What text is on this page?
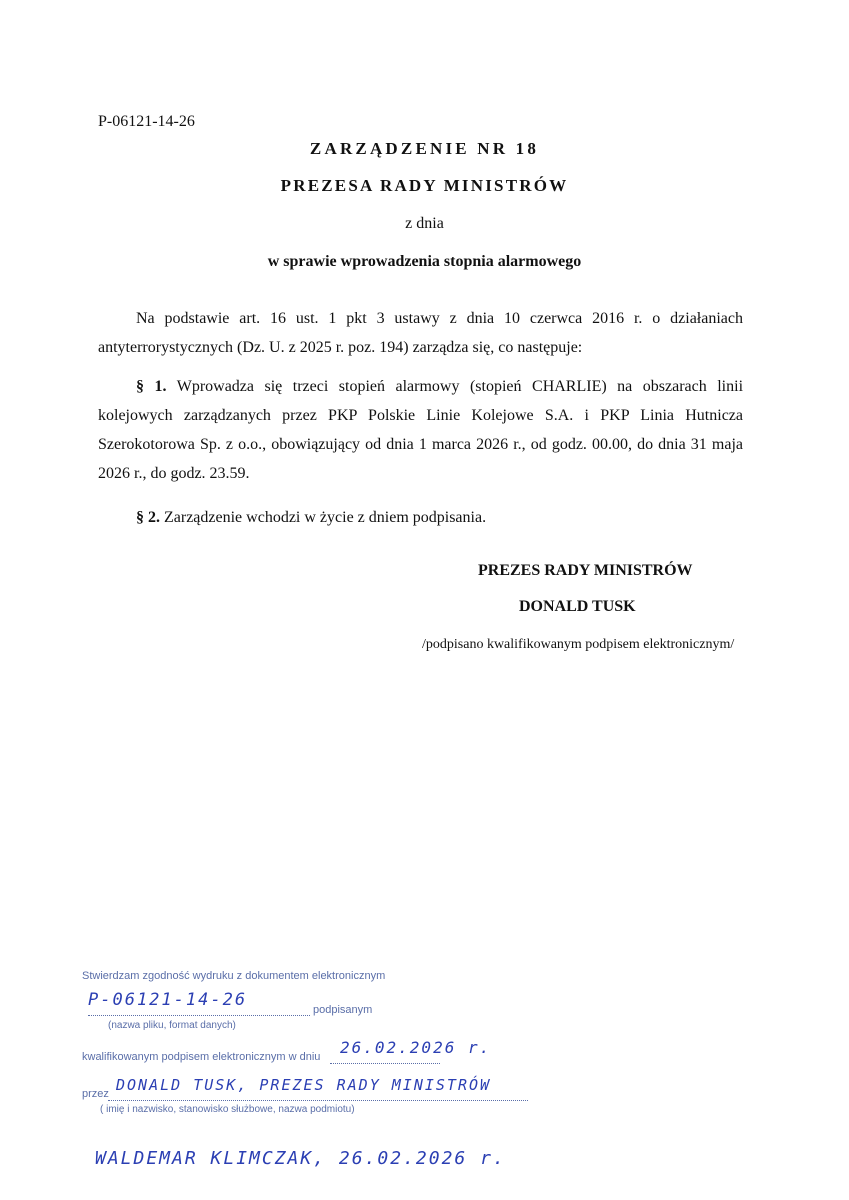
P-06121-14-26
ZARZĄDZENIE NR 18
PREZESA RADY MINISTRÓW
z dnia
w sprawie wprowadzenia stopnia alarmowego

Na podstawie art. 16 ust. 1 pkt 3 ustawy z dnia 10 czerwca 2016 r. o działaniach antyterrorystycznych (Dz. U. z 2025 r. poz. 194) zarządza się, co następuje:

§ 1. Wprowadza się trzeci stopień alarmowy (stopień CHARLIE) na obszarach linii kolejowych zarządzanych przez PKP Polskie Linie Kolejowe S.A. i PKP Linia Hutnicza Szerokotorowa Sp. z o.o., obowiązujący od dnia 1 marca 2026 r., od godz. 00.00, do dnia 31 maja 2026 r., do godz. 23.59.

§ 2. Zarządzenie wchodzi w życie z dniem podpisania.

PREZES RADY MINISTRÓW
DONALD TUSK
/podpisano kwalifikowanym podpisem elektronicznym/
Stwierdzam zgodność wydruku z dokumentem elektronicznym
P-06121-14-26	podpisanym
(nazwa pliku, format danych)
kwalifikowanym podpisem elektronicznym w dniu 26.02.2026 r.
przez DONALD TUSK, PREZES RADY MINISTRÓW
( imię i nazwisko, stanowisko służbowe, nazwa podmiotu)
WALDEMAR KLIMCZAK, 26.02.2026 r.
